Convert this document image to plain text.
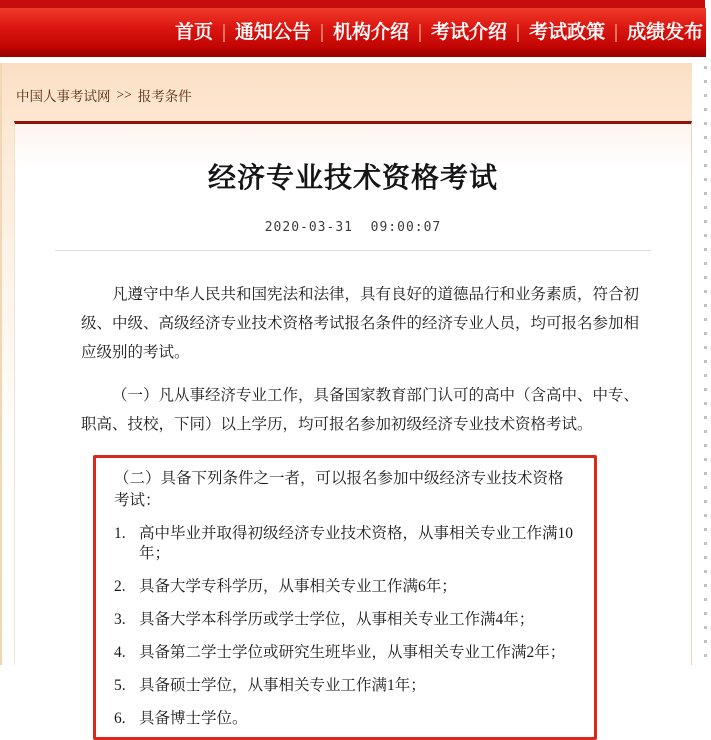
首页 通知公告 机构介绍 考试介绍 考试政策 成绩发布
中国人事考试网 >> 报考条件
经济专业技术资格考试
2020-03-31  09:00:07

凡遵守中华人民共和国宪法和法律，具有良好的道德品行和业务素质，符合初级、中级、高级经济专业技术资格考试报名条件的经济专业人员，均可报名参加相应级别的考试。

（一）凡从事经济专业工作，具备国家教育部门认可的高中（含高中、中专、职高、技校，下同）以上学历，均可报名参加初级经济专业技术资格考试。

（二）具备下列条件之一者，可以报名参加中级经济专业技术资格考试：
1. 高中毕业并取得初级经济专业技术资格，从事相关专业工作满10年；
2. 具备大学专科学历，从事相关专业工作满6年；
3. 具备大学本科学历或学士学位，从事相关专业工作满4年；
4. 具备第二学士学位或研究生班毕业，从事相关专业工作满2年；
5. 具备硕士学位，从事相关专业工作满1年；
6. 具备博士学位。
